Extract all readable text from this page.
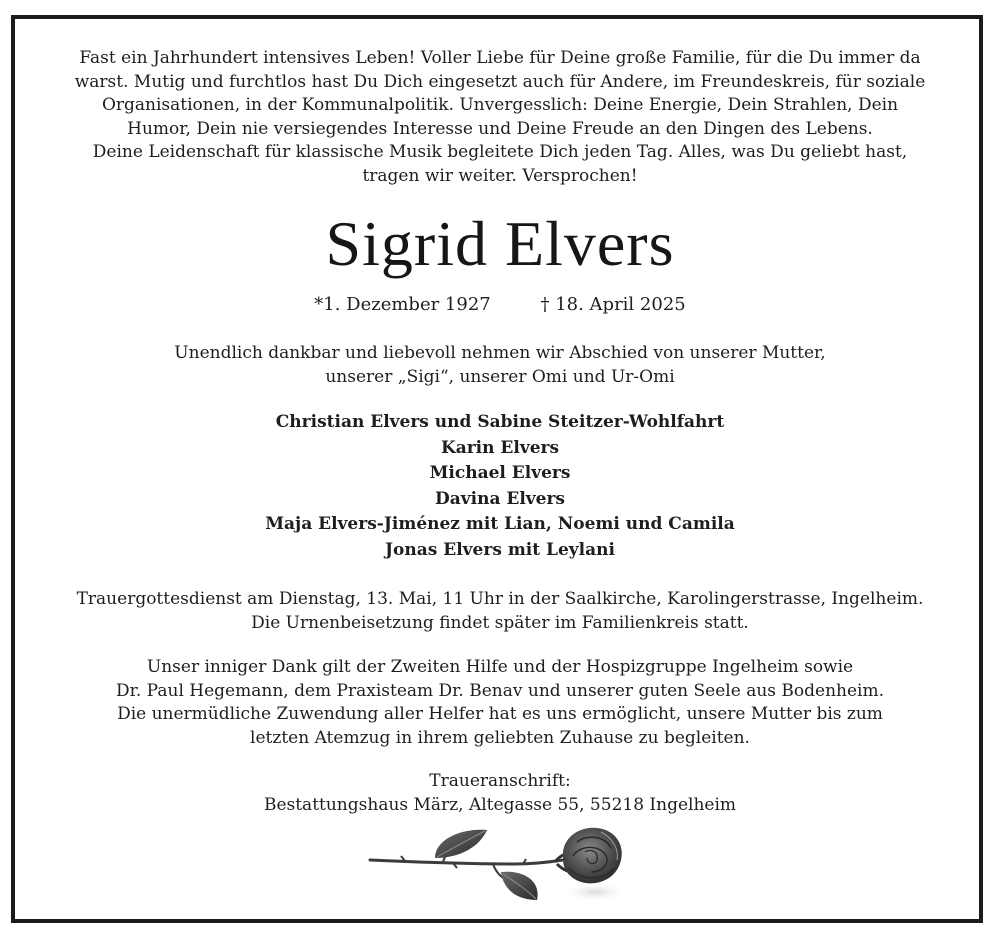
Fast ein Jahrhundert intensives Leben! Voller Liebe für Deine große Familie, für die Du immer da
warst. Mutig und furchtlos hast Du Dich eingesetzt auch für Andere, im Freundeskreis, für soziale
Organisationen, in der Kommunalpolitik. Unvergesslich: Deine Energie, Dein Strahlen, Dein
Humor, Dein nie versiegendes Interesse und Deine Freude an den Dingen des Lebens.
Deine Leidenschaft für klassische Musik begleitete Dich jeden Tag. Alles, was Du geliebt hast,
tragen wir weiter. Versprochen!
Sigrid Elvers
*1. Dezember 1927	† 18. April 2025
Unendlich dankbar und liebevoll nehmen wir Abschied von unserer Mutter,
unserer „Sigi“, unserer Omi und Ur-Omi
Christian Elvers und Sabine Steitzer-Wohlfahrt
Karin Elvers
Michael Elvers
Davina Elvers
Maja Elvers-Jiménez mit Lian, Noemi und Camila
Jonas Elvers mit Leylani
Trauergottesdienst am Dienstag, 13. Mai, 11 Uhr in der Saalkirche, Karolingerstrasse, Ingelheim.
Die Urnenbeisetzung findet später im Familienkreis statt.
Unser inniger Dank gilt der Zweiten Hilfe und der Hospizgruppe Ingelheim sowie
Dr. Paul Hegemann, dem Praxisteam Dr. Benav und unserer guten Seele aus Bodenheim.
Die unermüdliche Zuwendung aller Helfer hat es uns ermöglicht, unsere Mutter bis zum
letzten Atemzug in ihrem geliebten Zuhause zu begleiten.
Traueranschrift:
Bestattungshaus März, Altegasse 55, 55218 Ingelheim
